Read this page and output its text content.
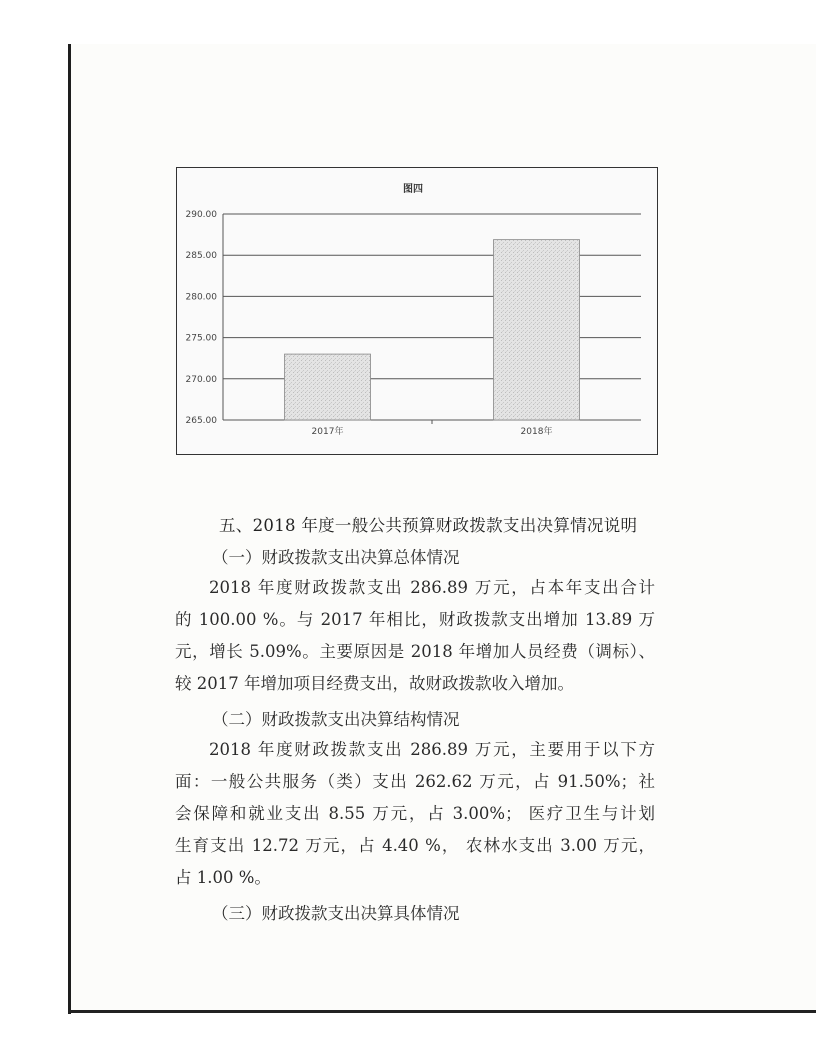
图四
290.00
285.00
280.00
275.00
270.00
265.00
2017年	2018年
五、2018 年度一般公共预算财政拨款支出决算情况说明
（一）财政拨款支出决算总体情况
2018 年度财政拨款支出 286.89 万元，占本年支出合计
的 100.00 %。与 2017 年相比，财政拨款支出增加 13.89 万
元，增长 5.09%。主要原因是 2018 年增加人员经费（调标）、
较 2017 年增加项目经费支出，故财政拨款收入增加。
（二）财政拨款支出决算结构情况
2018 年度财政拨款支出 286.89 万元，主要用于以下方
面：一般公共服务（类）支出 262.62 万元，占 91.50%；社
会保障和就业支出 8.55 万元，占 3.00%； 医疗卫生与计划
生育支出 12.72 万元，占 4.40 %， 农林水支出 3.00 万元，
占 1.00 %。
（三）财政拨款支出决算具体情况
